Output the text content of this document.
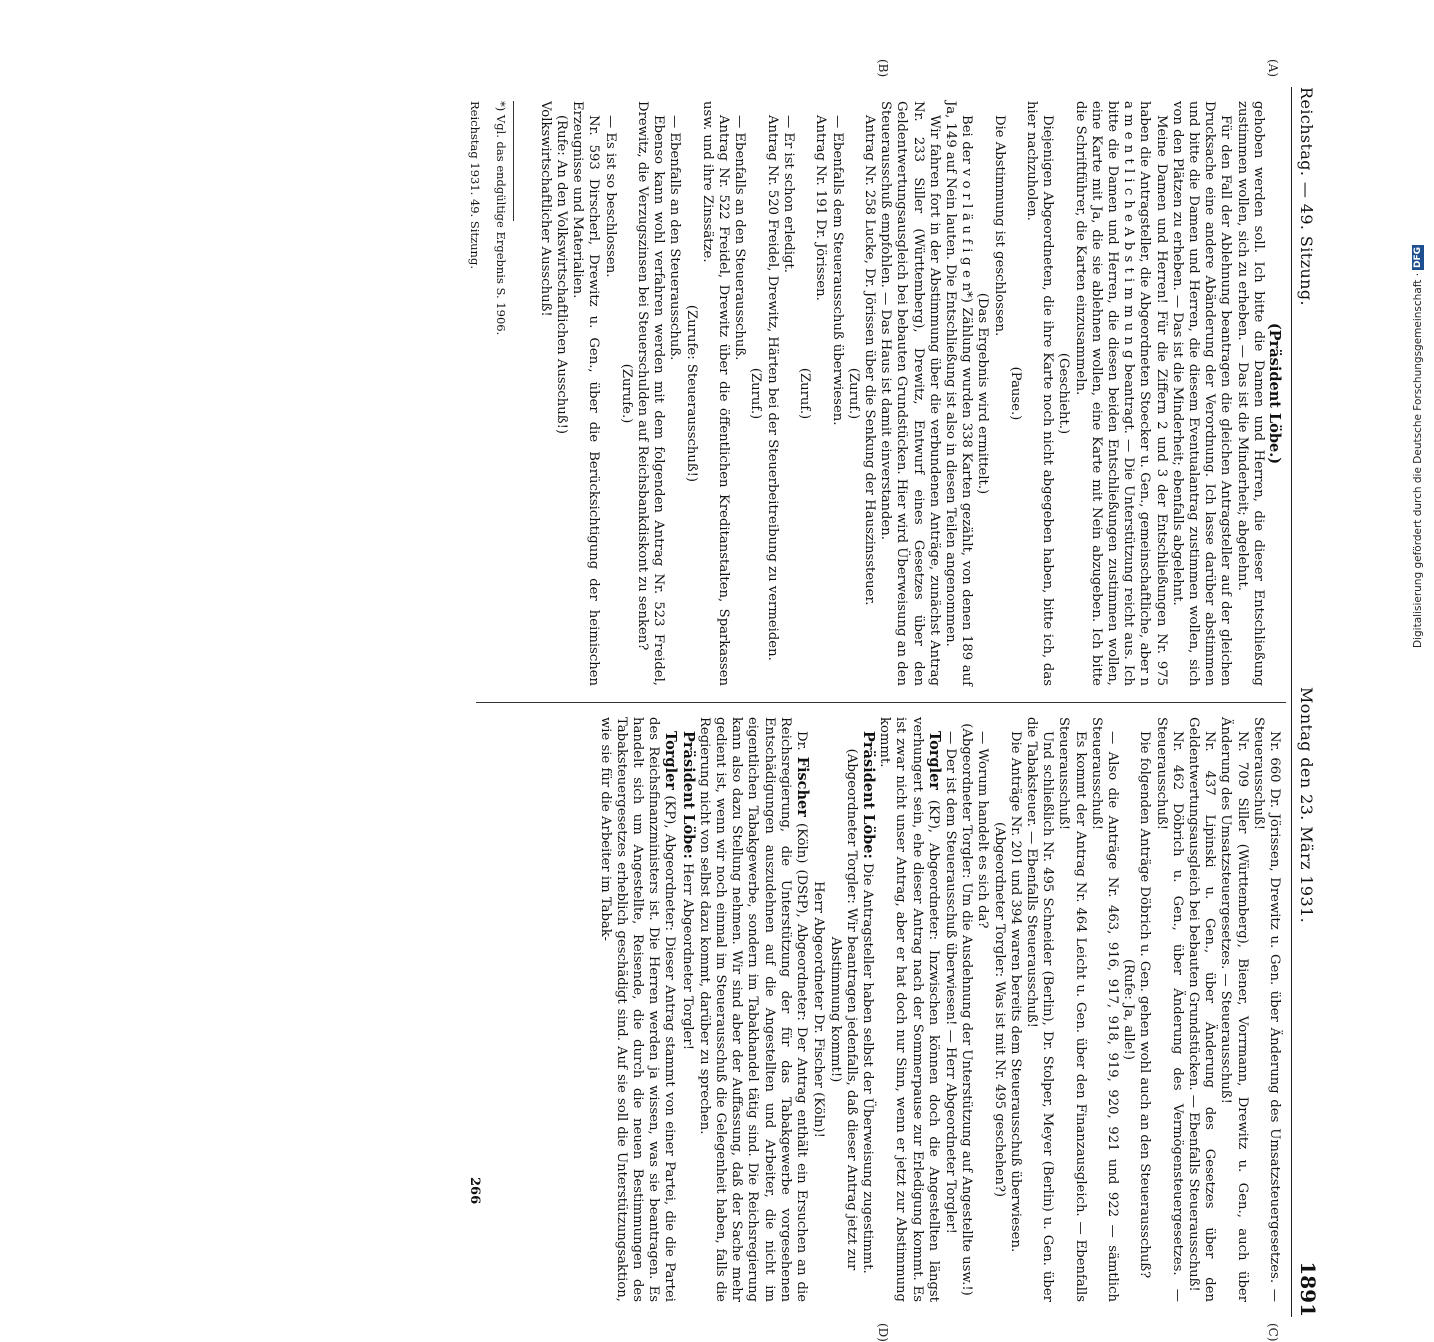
Reichstag. — 49. Sitzung.
Montag den 23. März 1931.
1891
(A)
(B)
(C)
(D)

(Präsident Löbe.)

gehoben werden soll. Ich bitte die Damen und Herren, die dieser Entschließung zustimmen wollen, sich zu erheben. — Das ist die Minderheit; abgelehnt.

Für den Fall der Ablehnung beantragen die gleichen Antragsteller auf der gleichen Drucksache eine andere Abänderung der Verordnung. Ich lasse darüber abstimmen und bitte die Damen und Herren, die diesem Eventualantrag zustimmen wollen, sich von den Plätzen zu erheben. — Das ist die Minderheit; ebenfalls abgelehnt.

Meine Damen und Herren! Für die Ziffern 2 und 3 der Entschließungen Nr. 975 haben die Antragsteller, die Abgeordneten Stoecker u. Gen., gemeinschaftliche, aber n a m e n t l i c h e A b s t i m m u n g beantragt. — Die Unterstützung reicht aus. Ich bitte die Damen und Herren, die diesen beiden Entschließungen zustimmen wollen, eine Karte mit Ja, die sie ablehnen wollen, eine Karte mit Nein abzugeben. Ich bitte die Schriftführer, die Karten einzusammeln.

(Geschieht.)

Diejenigen Abgeordneten, die ihre Karte noch nicht abgegeben haben, bitte ich, das hier nachzuholen.

(Pause.)

Die Abstimmung ist geschlossen.

(Das Ergebnis wird ermittelt.)

Bei der v o r l ä u f i g e n*) Zählung wurden 338 Karten gezählt, von denen 189 auf Ja, 149 auf Nein lauten. Die Entschließung ist also in diesen Teilen angenommen.

Wir fahren fort in der Abstimmung über die verbundenen Anträge, zunächst Antrag Nr. 233 Siller (Württemberg), Drewitz, Entwurf eines Gesetzes über den Geldentwertungsausgleich bei bebauten Grundstücken. Hier wird Überweisung an den Steuerausschuß empfohlen. — Das Haus ist damit einverstanden.

Antrag Nr. 258 Lucke, Dr. Jörissen über die Senkung der Hauszinssteuer.

(Zuruf.)

— Ebenfalls dem Steuerausschuß überwiesen.

Antrag Nr. 191 Dr. Jörissen.

(Zuruf.)

— Er ist schon erledigt.

Antrag Nr. 520 Freidel, Drewitz, Härten bei der Steuerbeitreibung zu vermeiden.

(Zuruf.)

— Ebenfalls an den Steuerausschuß.

Antrag Nr. 522 Freidel, Drewitz über die öffentlichen Kreditanstalten, Sparkassen usw. und ihre Zinssätze.

(Zurufe: Steuerausschuß!)

— Ebenfalls an den Steuerausschuß.

Ebenso kann wohl verfahren werden mit dem folgenden Antrag Nr. 523 Freidel, Drewitz, die Verzugszinsen bei Steuerschulden auf Reichsbankdiskont zu senken?

(Zurufe.)

— Es ist so beschlossen.

Nr. 593 Dirscherl, Drewitz u. Gen., über die Berücksichtigung der heimischen Erzeugnisse und Materialien.

(Rufe: An den Volkswirtschaftlichen Ausschuß!)

Volkswirtschaftlicher Ausschuß!

*) Vgl. das endgültige Ergebnis S. 1906.

Nr. 660 Dr. Jörissen, Drewitz u. Gen. über Änderung des Umsatzsteuergesetzes. — Steuerausschuß!

Nr. 709 Siller (Württemberg), Biener, Vorrmann, Drewitz u. Gen., auch über Änderung des Umsatzsteuergesetzes. — Steuerausschuß!

Nr. 437 Lipinski u. Gen., über Änderung des Gesetzes über den Geldentwertungsausgleich bei bebauten Grundstücken. — Ebenfalls Steuerausschuß!

Nr. 462 Döbrich u. Gen., über Änderung des Vermögensteuergesetzes. — Steuerausschuß!

Die folgenden Anträge Döbrich u. Gen. gehen wohl auch an den Steuerausschuß?

(Rufe: Ja, alle!)

— Also die Anträge Nr. 463, 916, 917, 918, 919, 920, 921 und 922 — sämtlich Steuerausschuß!

Es kommt der Antrag Nr. 464 Leicht u. Gen. über den Finanzausgleich. — Ebenfalls Steuerausschuß!

Und schließlich Nr. 495 Schneider (Berlin), Dr. Stolper, Meyer (Berlin) u. Gen. über die Tabaksteuer. — Ebenfalls Steuerausschuß!

Die Anträge Nr. 201 und 394 waren bereits dem Steuerausschuß überwiesen.

(Abgeordneter Torgler: Was ist mit Nr. 495 geschehen?)

— Worum handelt es sich da?

(Abgeordneter Torgler: Um die Ausdehnung der Unterstützung auf Angestellte usw.!)

— Der ist dem Steuerausschuß überwiesen! — Herr Abgeordneter Torgler!

Torgler (KP), Abgeordneter: Inzwischen können doch die Angestellten längst verhungert sein, ehe dieser Antrag nach der Sommerpause zur Erledigung kommt. Es ist zwar nicht unser Antrag, aber er hat doch nur Sinn, wenn er jetzt zur Abstimmung kommt.

Präsident Löbe: Die Antragsteller haben selbst der Überweisung zugestimmt.

(Abgeordneter Torgler: Wir beantragen jedenfalls, daß dieser Antrag jetzt zur Abstimmung kommt!)

Herr Abgeordneter Dr. Fischer (Köln)!

Dr. Fischer (Köln) (DStP), Abgeordneter: Der Antrag enthält ein Ersuchen an die Reichsregierung, die Unterstützung der für das Tabakgewerbe vorgesehenen Entschädigungen auszudehnen auf die Angestellten und Arbeiter, die nicht im eigentlichen Tabakgewerbe, sondern im Tabakhandel tätig sind. Die Reichsregierung kann also dazu Stellung nehmen. Wir sind aber der Auffassung, daß der Sache mehr gedient ist, wenn wir noch einmal im Steuerausschuß die Gelegenheit haben, falls die Regierung nicht von selbst dazu kommt, darüber zu sprechen.

Präsident Löbe: Herr Abgeordneter Torgler!

Torgler (KP), Abgeordneter: Dieser Antrag stammt von einer Partei, die die Partei des Reichsfinanzministers ist. Die Herren werden ja wissen, was sie beantragen. Es handelt sich um Angestellte, Reisende, die durch die neuen Bestimmungen des Tabaksteuergesetzes erheblich geschädigt sind. Auf sie soll die Unterstützungsaktion, wie sie für die Arbeiter im Tabak-

Reichstag 1931. 49. Sitzung.
266
Digitalisierung gefördert durch die Deutsche Forschungsgemeinschaft · DFG
